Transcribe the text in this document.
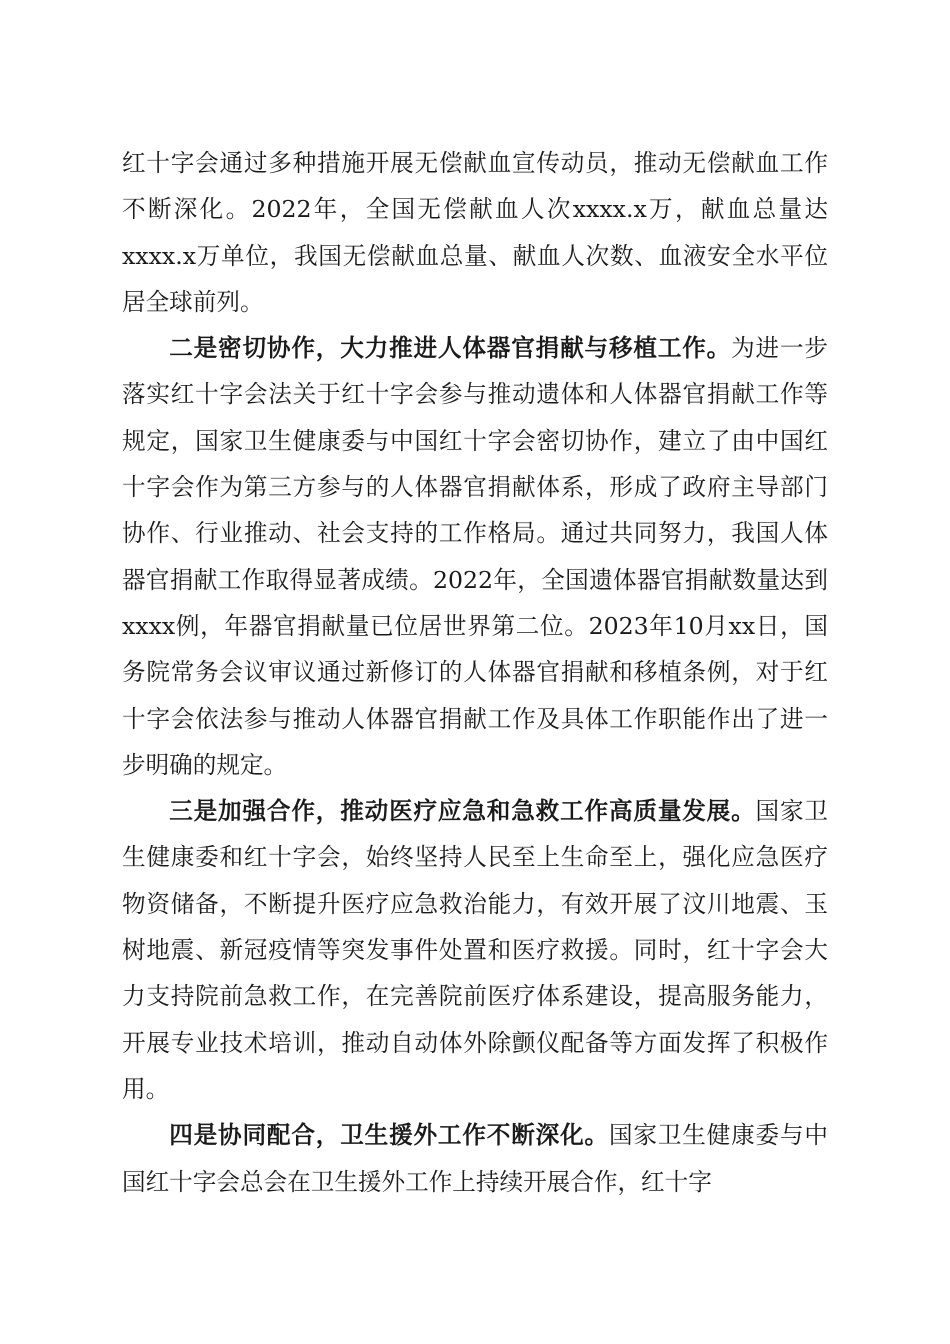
红十字会通过多种措施开展无偿献血宣传动员，推动无偿献血工作不断深化。2022年，全国无偿献血人次xxxx.x万，献血总量达xxxx.x万单位，我国无偿献血总量、献血人次数、血液安全水平位居全球前列。

二是密切协作，大力推进人体器官捐献与移植工作。为进一步落实红十字会法关于红十字会参与推动遗体和人体器官捐献工作等规定，国家卫生健康委与中国红十字会密切协作，建立了由中国红十字会作为第三方参与的人体器官捐献体系，形成了政府主导部门协作、行业推动、社会支持的工作格局。通过共同努力，我国人体器官捐献工作取得显著成绩。2022年，全国遗体器官捐献数量达到xxxx例，年器官捐献量已位居世界第二位。2023年10月xx日，国务院常务会议审议通过新修订的人体器官捐献和移植条例，对于红十字会依法参与推动人体器官捐献工作及具体工作职能作出了进一步明确的规定。

三是加强合作，推动医疗应急和急救工作高质量发展。国家卫生健康委和红十字会，始终坚持人民至上生命至上，强化应急医疗物资储备，不断提升医疗应急救治能力，有效开展了汶川地震、玉树地震、新冠疫情等突发事件处置和医疗救援。同时，红十字会大力支持院前急救工作，在完善院前医疗体系建设，提高服务能力，开展专业技术培训，推动自动体外除颤仪配备等方面发挥了积极作用。

四是协同配合，卫生援外工作不断深化。国家卫生健康委与中国红十字会总会在卫生援外工作上持续开展合作，红十字
